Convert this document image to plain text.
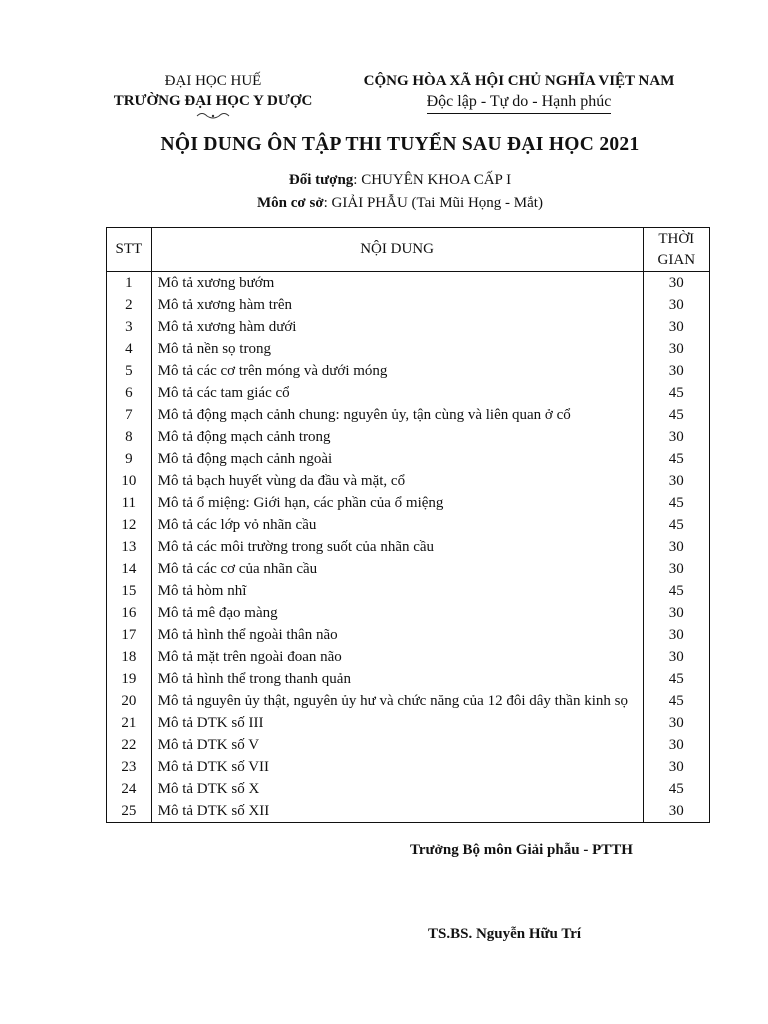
ĐẠI HỌC HUẾ
TRƯỜNG ĐẠI HỌC Y DƯỢC
CỘNG HÒA XÃ HỘI CHỦ NGHĨA VIỆT NAM
Độc lập - Tự do - Hạnh phúc
NỘI DUNG ÔN TẬP THI TUYỂN SAU ĐẠI HỌC 2021
Đối tượng: CHUYÊN KHOA CẤP I
Môn cơ sở: GIẢI PHẪU (Tai Mũi Họng - Mắt)
STT	NỘI DUNG	THỜI
GIAN
1	Mô tả xương bướm	30
2	Mô tả xương hàm trên	30
3	Mô tả xương hàm dưới	30
4	Mô tả nền sọ trong	30
5	Mô tả các cơ trên móng và dưới móng	30
6	Mô tả các tam giác cổ	45
7	Mô tả động mạch cảnh chung: nguyên ủy, tận cùng và liên quan ở cổ	45
8	Mô tả động mạch cảnh trong	30
9	Mô tả động mạch cảnh ngoài	45
10	Mô tả bạch huyết vùng da đầu và mặt, cổ	30
11	Mô tả ổ miệng: Giới hạn, các phần của ổ miệng	45
12	Mô tả các lớp vỏ nhãn cầu	45
13	Mô tả các môi trường trong suốt của nhãn cầu	30
14	Mô tả các cơ của nhãn cầu	30
15	Mô tả hòm nhĩ	45
16	Mô tả mê đạo màng	30
17	Mô tả hình thể ngoài thân não	30
18	Mô tả mặt trên ngoài đoan não	30
19	Mô tả hình thể trong thanh quản	45
20	Mô tả nguyên ủy thật, nguyên ủy hư và chức năng của 12 đôi dây thần kinh sọ	45
21	Mô tả DTK số III	30
22	Mô tả DTK số V	30
23	Mô tả DTK số VII	30
24	Mô tả DTK số X	45
25	Mô tả DTK số XII	30
Trưởng Bộ môn Giải phẫu - PTTH
TS.BS. Nguyễn Hữu Trí
